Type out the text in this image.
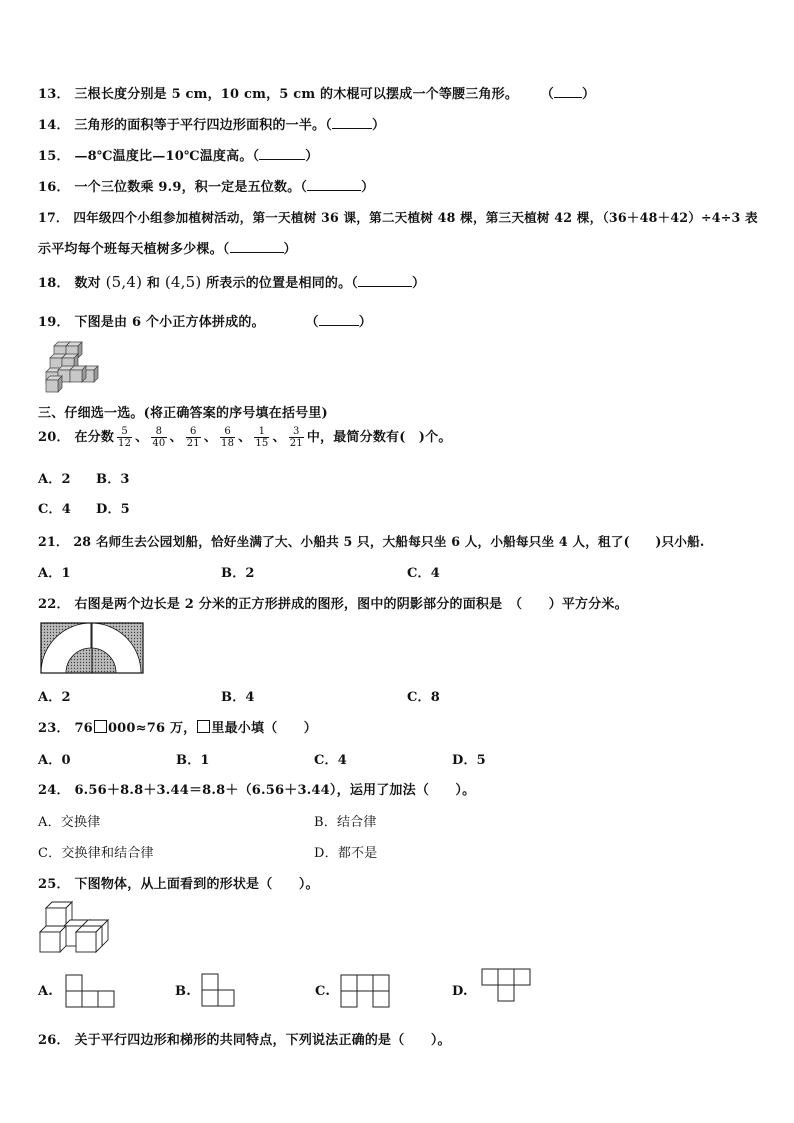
13． 三根长度分别是 5 cm，10 cm，5 cm 的木棍可以摆成一个等腰三角形。 （ ）
14． 三角形的面积等于平行四边形面积的一半。（	）
15． —8℃温度比—10℃温度高。（	）
16． 一个三位数乘 9.9，积一定是五位数。（	）
17． 四年级四个小组参加植树活动，第一天植树 36 课，第二天植树 48 棵，第三天植树 42 棵，（36＋48＋42）÷4÷3 表
示平均每个班每天植树多少棵。（	）
18． 数对 (5,4) 和 (4,5) 所表示的位置是相同的。（	）
19． 下图是由 6 个小正方体拼成的。	（	）
三、仔细选一选。(将正确答案的序号填在括号里)
20． 在分数 $\frac{5}{12}$ 、 $\frac{8}{40}$ 、 $\frac{6}{21}$ 、 $\frac{6}{18}$ 、 $\frac{1}{15}$ 、 $\frac{3}{21}$ 中，最简分数有(　)个。
A．2 B．3
C．4 D．5
21． 28 名师生去公园划船，恰好坐满了大、小船共 5 只，大船每只坐 6 人，小船每只坐 4 人，租了(　　)只小船.
A．1	B．2	C．4
22． 右图是两个边长是 2 分米的正方形拼成的图形，图中的阴影部分的面积是　（　　）平方分米。
A．2	B．4	C．8
23． 76 000≈76 万， 里最小填（　　）
A．0	B．1	C．4	D．5
24． 6.56＋8.8＋3.44＝8.8＋（6.56＋3.44），运用了加法（　　）。
A．交换律	B．结合律
C．交换律和结合律	D．都不是
25． 下图物体，从上面看到的形状是（　　）。
A.	B.	C.	D.
26． 关于平行四边形和梯形的共同特点，下列说法正确的是（　　）。
